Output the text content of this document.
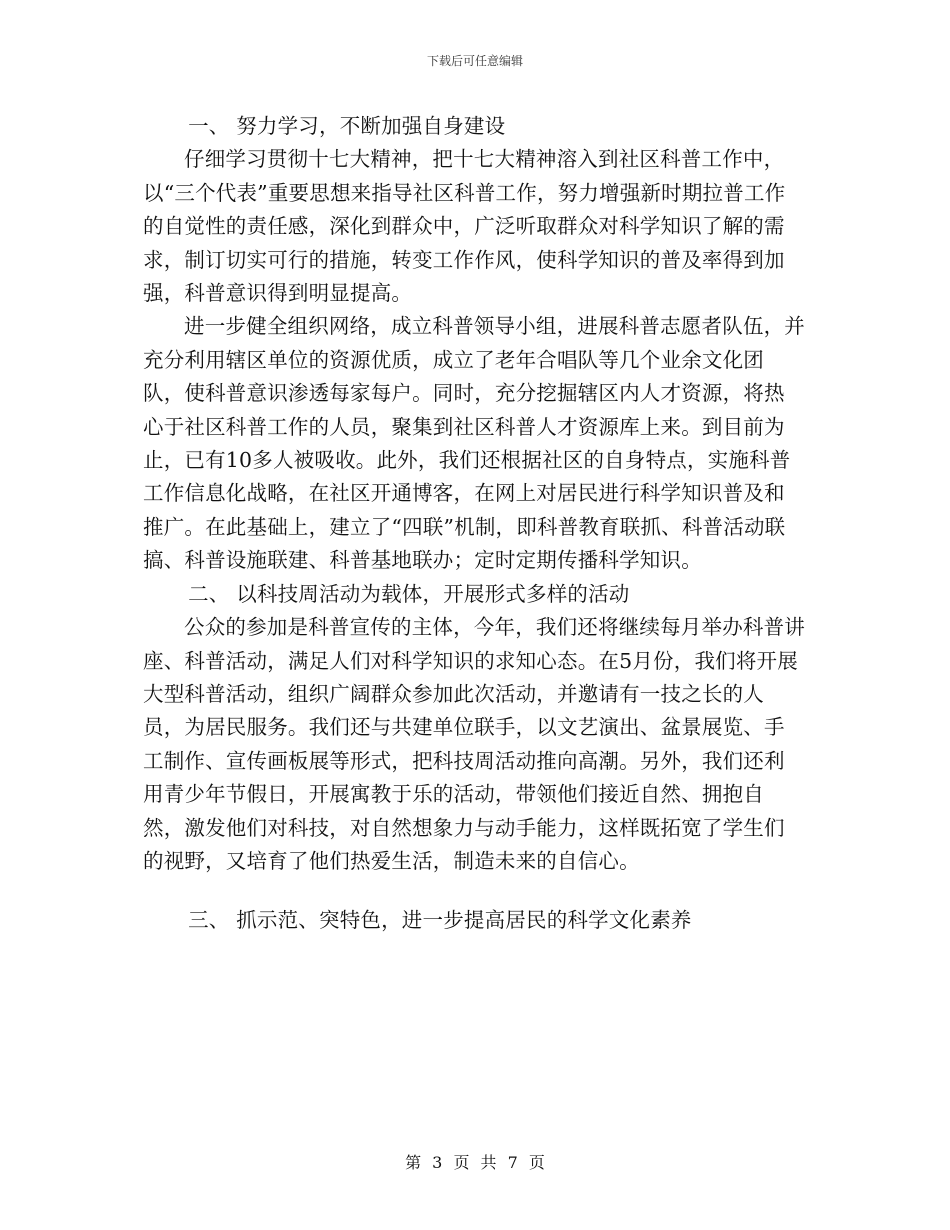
下载后可任意编辑

一、 努力学习，不断加强自身建设

仔细学习贯彻十七大精神，把十七大精神溶入到社区科普工作中，以“三个代表”重要思想来指导社区科普工作，努力增强新时期拉普工作的自觉性的责任感，深化到群众中，广泛听取群众对科学知识了解的需求，制订切实可行的措施，转变工作作风，使科学知识的普及率得到加强，科普意识得到明显提高。

进一步健全组织网络，成立科普领导小组，进展科普志愿者队伍，并充分利用辖区单位的资源优质，成立了老年合唱队等几个业余文化团队，使科普意识渗透每家每户。同时，充分挖掘辖区内人才资源，将热心于社区科普工作的人员，聚集到社区科普人才资源库上来。到目前为止，已有10多人被吸收。此外，我们还根据社区的自身特点，实施科普工作信息化战略，在社区开通博客，在网上对居民进行科学知识普及和推广。在此基础上，建立了“四联”机制，即科普教育联抓、科普活动联搞、科普设施联建、科普基地联办；定时定期传播科学知识。

二、 以科技周活动为载体，开展形式多样的活动

公众的参加是科普宣传的主体，今年，我们还将继续每月举办科普讲座、科普活动，满足人们对科学知识的求知心态。在5月份，我们将开展大型科普活动，组织广阔群众参加此次活动，并邀请有一技之长的人员，为居民服务。我们还与共建单位联手，以文艺演出、盆景展览、手工制作、宣传画板展等形式，把科技周活动推向高潮。另外，我们还利用青少年节假日，开展寓教于乐的活动，带领他们接近自然、拥抱自然，激发他们对科技，对自然想象力与动手能力，这样既拓宽了学生们的视野，又培育了他们热爱生活，制造未来的自信心。

三、 抓示范、突特色，进一步提高居民的科学文化素养

第 3 页 共 7 页
